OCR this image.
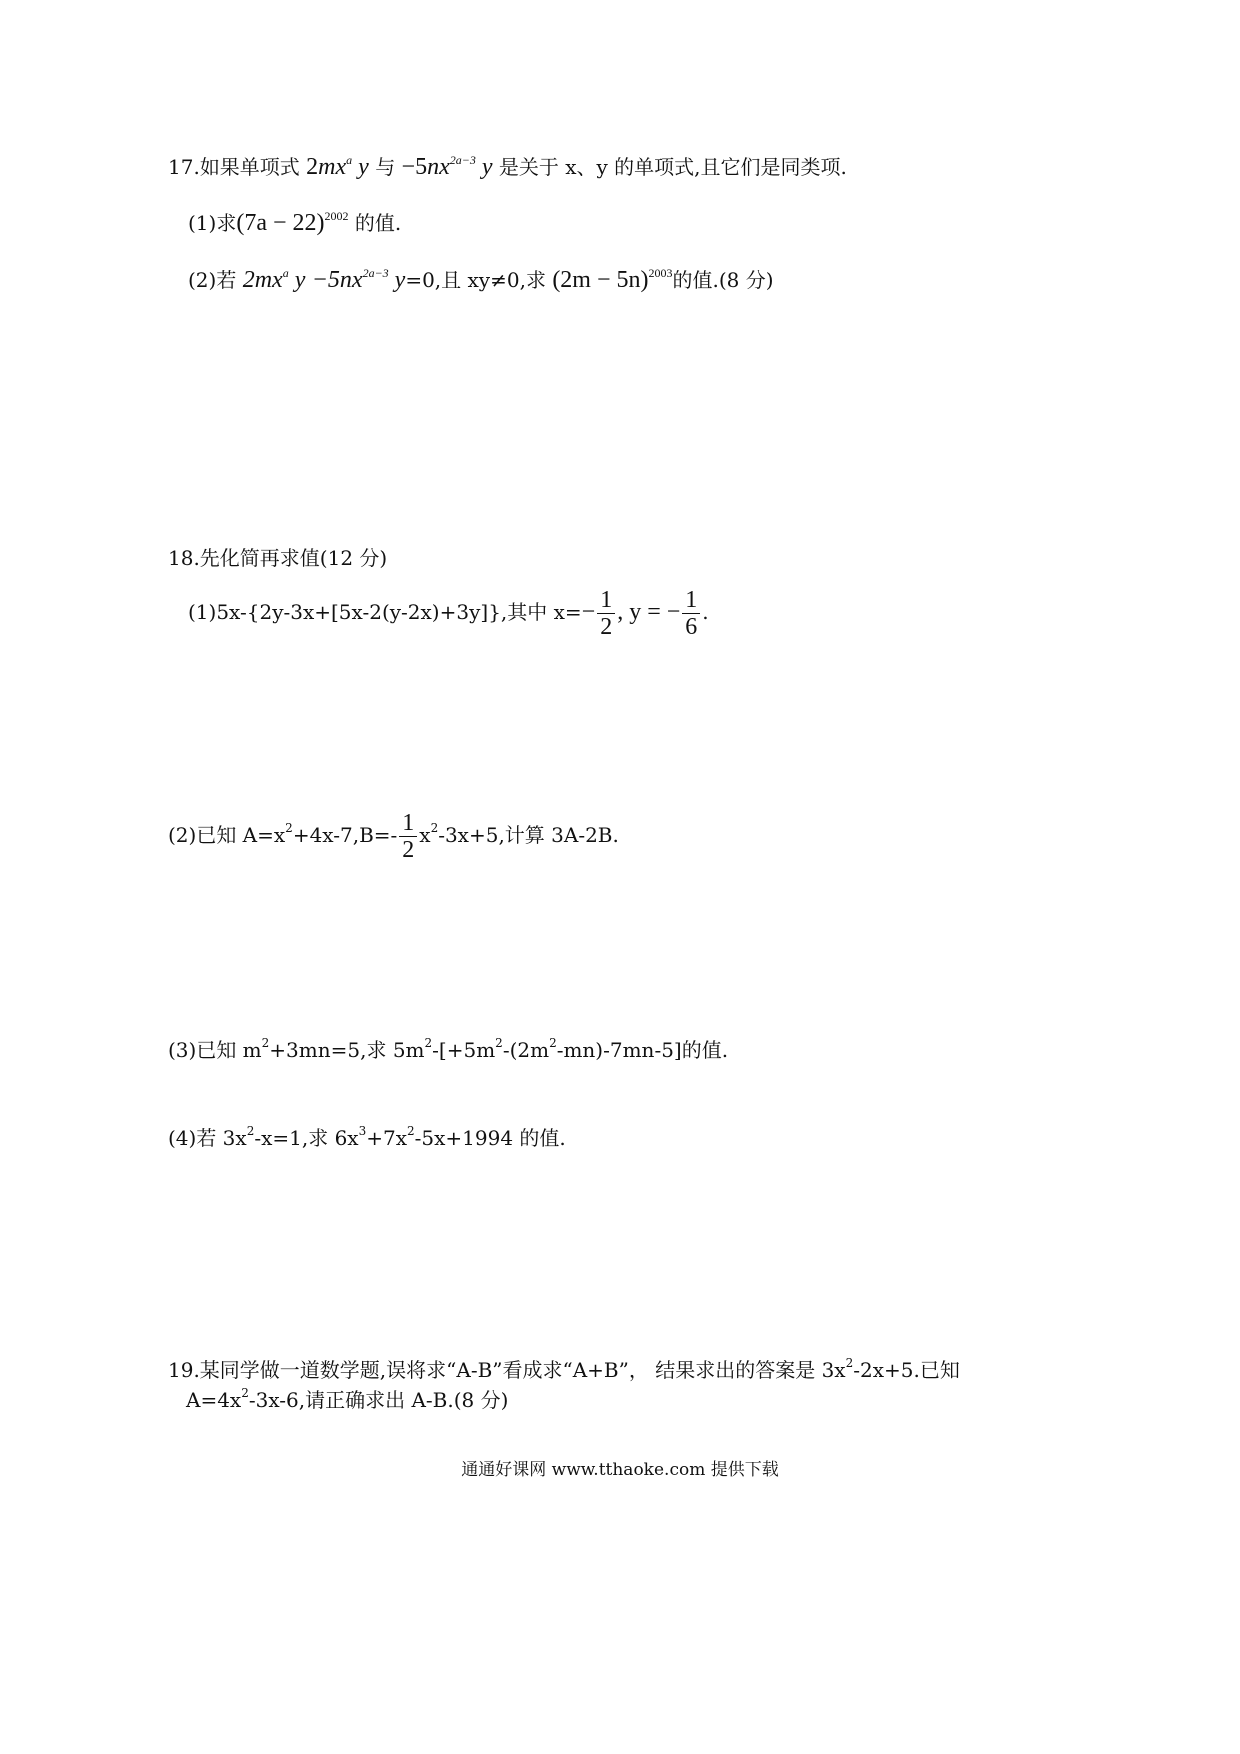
17.如果单项式 $2mx^a$ y 与 $-5nx^{2a-3}$ y 是关于 x、y 的单项式,且它们是同类项.
(1)求$(7a - 22)^{2002}$ 的值.
(2)若 $2mx^a$ $y -5nx^{2a-3}$ y=0,且 xy≠0,求 $(2m - 5n)^{2003}$的值.(8 分)
18.先化简再求值(12 分)
(1)5x-{2y-3x+[5x-2(y-2x)+3y]},其中 $x=- \frac{1}{2}$ , y = − $\frac{1}{6}$ .
(2)已知 $A=x^2+4x-7,B=- \frac{1}{2} x^2-3x+5$,计算 3A-2B.
(3)已知 $m^2+3mn=5$,求 $5m^2-[+5m^2-(2m^2-mn)-7mn-5]$的值.
(4)若 $3x^2-x=1$,求 $6x^3+7x^2-5x+1994$ 的值.
19.某同学做一道数学题,误将求“A-B”看成求“A+B”， 结果求出的答案是 $3x^2-2x+5$.已知
$A=4x^2-3x-6$,请正确求出 A-B.(8 分)
通通好课网 www.tthaoke.com 提供下载
